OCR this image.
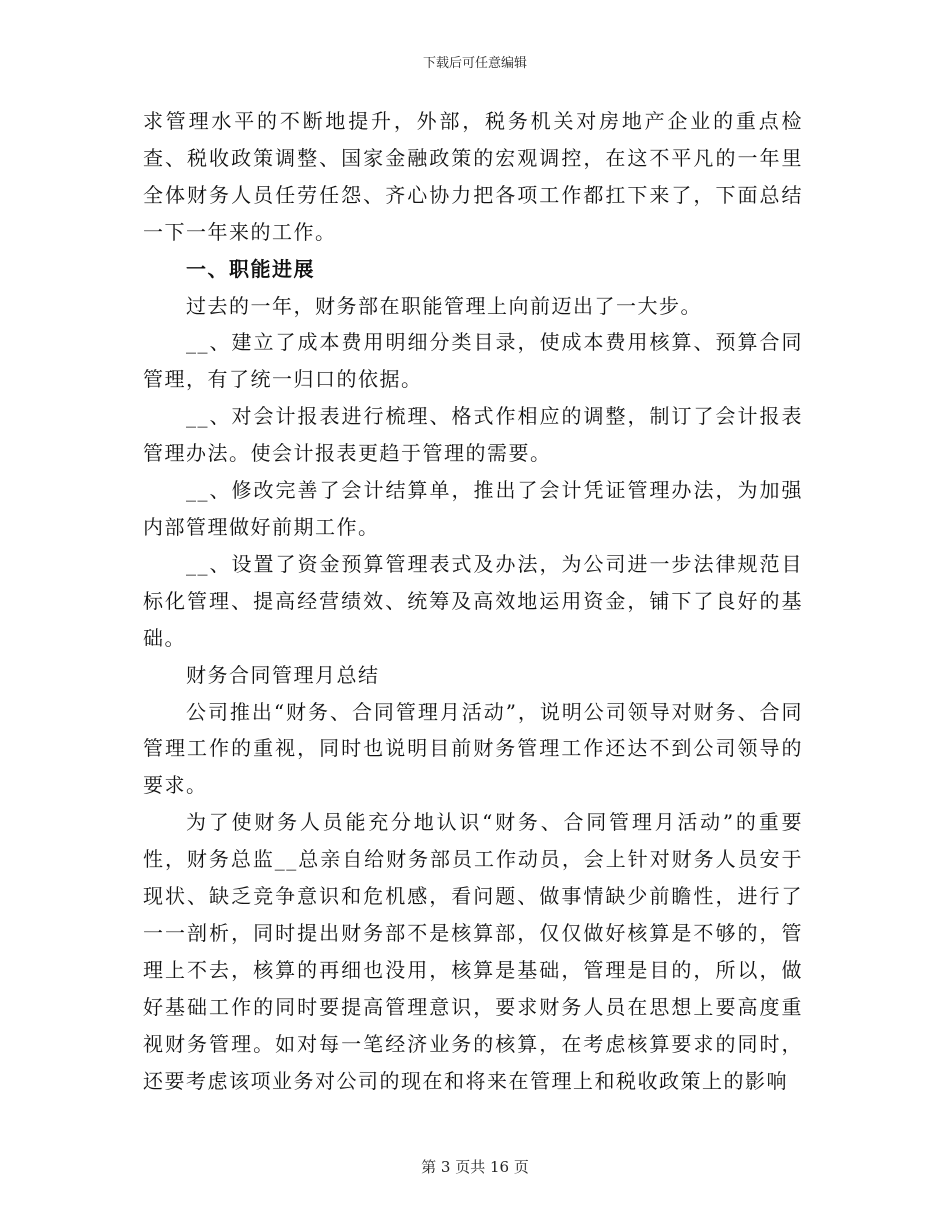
下载后可任意编辑

求管理水平的不断地提升，外部，税务机关对房地产企业的重点检查、税收政策调整、国家金融政策的宏观调控，在这不平凡的一年里全体财务人员任劳任怨、齐心协力把各项工作都扛下来了，下面总结一下一年来的工作。

一、职能进展

过去的一年，财务部在职能管理上向前迈出了一大步。

__、建立了成本费用明细分类目录，使成本费用核算、预算合同管理，有了统一归口的依据。

__、对会计报表进行梳理、格式作相应的调整，制订了会计报表管理办法。使会计报表更趋于管理的需要。

__、修改完善了会计结算单，推出了会计凭证管理办法，为加强内部管理做好前期工作。

__、设置了资金预算管理表式及办法，为公司进一步法律规范目标化管理、提高经营绩效、统筹及高效地运用资金，铺下了良好的基础。

财务合同管理月总结

公司推出“财务、合同管理月活动”，说明公司领导对财务、合同管理工作的重视，同时也说明目前财务管理工作还达不到公司领导的要求。

为了使财务人员能充分地认识“财务、合同管理月活动”的重要性，财务总监__总亲自给财务部员工作动员，会上针对财务人员安于现状、缺乏竞争意识和危机感，看问题、做事情缺少前瞻性，进行了一一剖析，同时提出财务部不是核算部，仅仅做好核算是不够的，管理上不去，核算的再细也没用，核算是基础，管理是目的，所以，做好基础工作的同时要提高管理意识，要求财务人员在思想上要高度重视财务管理。如对每一笔经济业务的核算，在考虑核算要求的同时，还要考虑该项业务对公司的现在和将来在管理上和税收政策上的影响

第 3 页共 16 页
